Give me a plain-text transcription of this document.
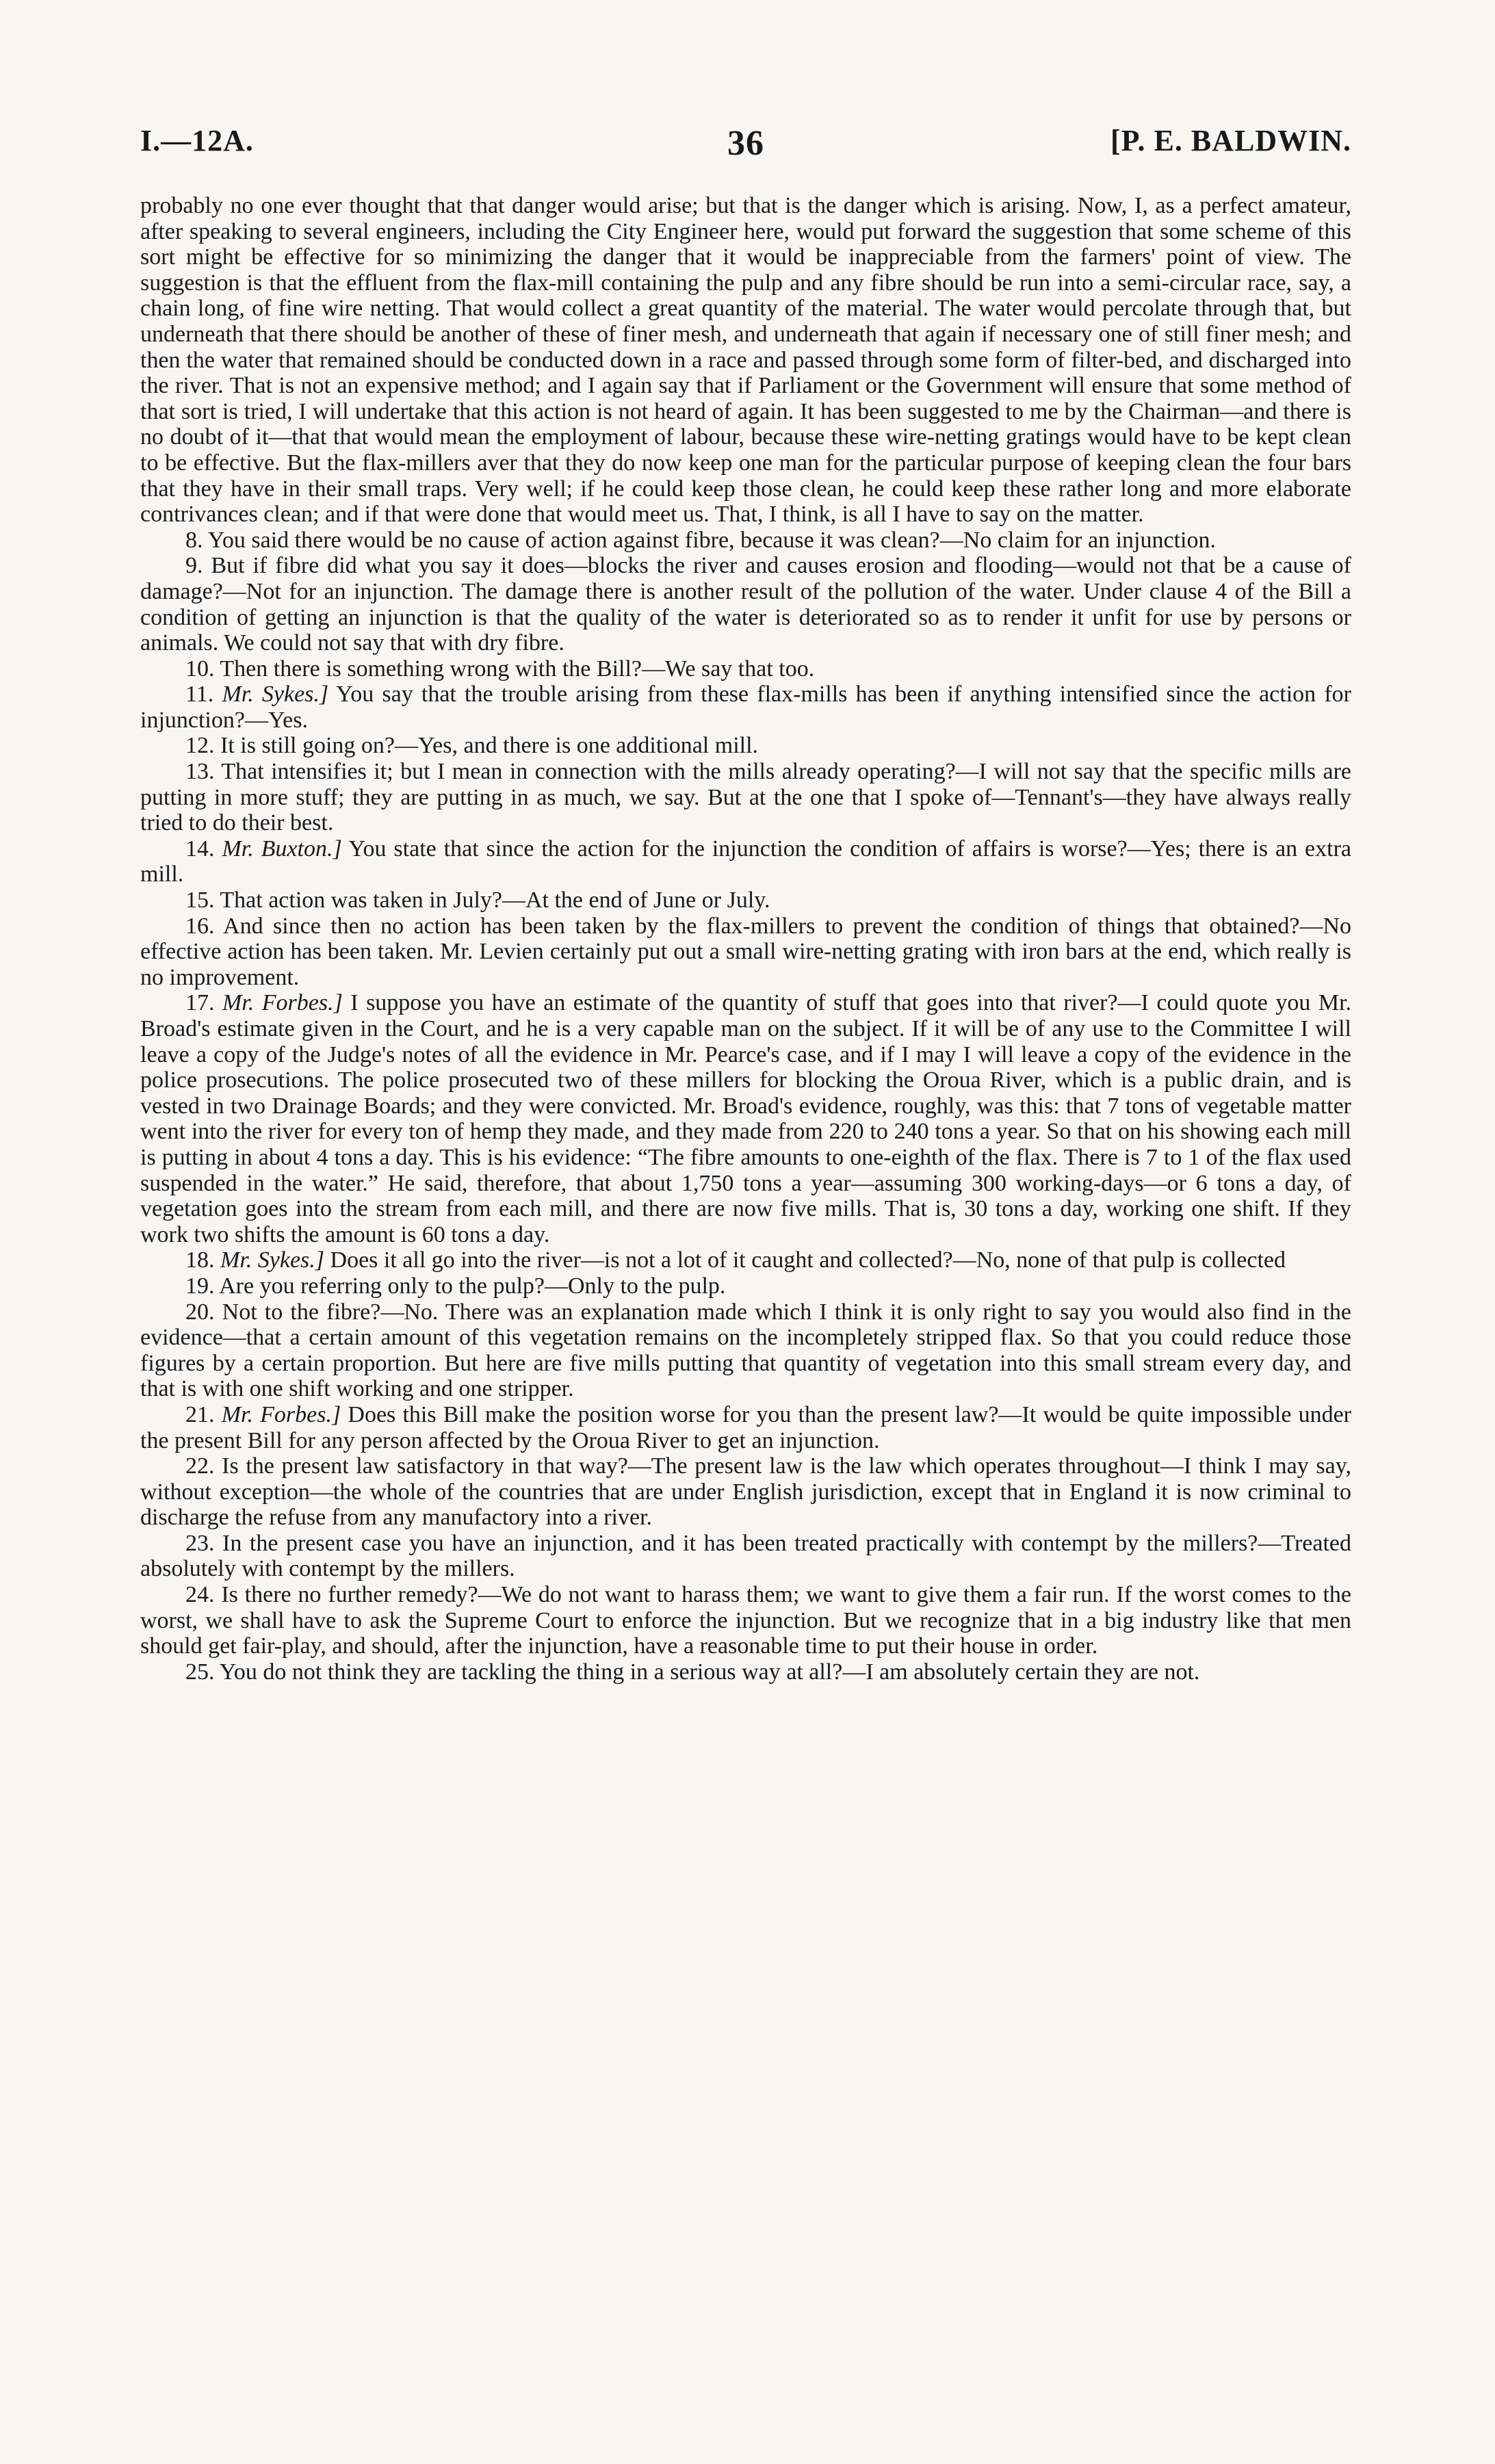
I.—12A.	36	[P. E. BALDWIN.

probably no one ever thought that that danger would arise; but that is the danger which is arising. Now, I, as a perfect amateur, after speaking to several engineers, including the City Engineer here, would put forward the suggestion that some scheme of this sort might be effective for so minimizing the danger that it would be inappreciable from the farmers' point of view. The suggestion is that the effluent from the flax-mill containing the pulp and any fibre should be run into a semi-circular race, say, a chain long, of fine wire netting. That would collect a great quantity of the material. The water would percolate through that, but underneath that there should be another of these of finer mesh, and underneath that again if necessary one of still finer mesh; and then the water that remained should be conducted down in a race and passed through some form of filter-bed, and discharged into the river. That is not an expensive method; and I again say that if Parliament or the Government will ensure that some method of that sort is tried, I will undertake that this action is not heard of again. It has been suggested to me by the Chairman—and there is no doubt of it—that that would mean the employment of labour, because these wire-netting gratings would have to be kept clean to be effective. But the flax-millers aver that they do now keep one man for the particular purpose of keeping clean the four bars that they have in their small traps. Very well; if he could keep those clean, he could keep these rather long and more elaborate contrivances clean; and if that were done that would meet us. That, I think, is all I have to say on the matter.

8. You said there would be no cause of action against fibre, because it was clean?—No claim for an injunction.

9. But if fibre did what you say it does—blocks the river and causes erosion and flooding—would not that be a cause of damage?—Not for an injunction. The damage there is another result of the pollution of the water. Under clause 4 of the Bill a condition of getting an injunction is that the quality of the water is deteriorated so as to render it unfit for use by persons or animals. We could not say that with dry fibre.

10. Then there is something wrong with the Bill?—We say that too.

11. Mr. Sykes.] You say that the trouble arising from these flax-mills has been if anything intensified since the action for injunction?—Yes.

12. It is still going on?—Yes, and there is one additional mill.

13. That intensifies it; but I mean in connection with the mills already operating?—I will not say that the specific mills are putting in more stuff; they are putting in as much, we say. But at the one that I spoke of—Tennant's—they have always really tried to do their best.

14. Mr. Buxton.] You state that since the action for the injunction the condition of affairs is worse?—Yes; there is an extra mill.

15. That action was taken in July?—At the end of June or July.

16. And since then no action has been taken by the flax-millers to prevent the condition of things that obtained?—No effective action has been taken. Mr. Levien certainly put out a small wire-netting grating with iron bars at the end, which really is no improvement.

17. Mr. Forbes.] I suppose you have an estimate of the quantity of stuff that goes into that river?—I could quote you Mr. Broad's estimate given in the Court, and he is a very capable man on the subject. If it will be of any use to the Committee I will leave a copy of the Judge's notes of all the evidence in Mr. Pearce's case, and if I may I will leave a copy of the evidence in the police prosecutions. The police prosecuted two of these millers for blocking the Oroua River, which is a public drain, and is vested in two Drainage Boards; and they were convicted. Mr. Broad's evidence, roughly, was this: that 7 tons of vegetable matter went into the river for every ton of hemp they made, and they made from 220 to 240 tons a year. So that on his showing each mill is putting in about 4 tons a day. This is his evidence: “The fibre amounts to one-eighth of the flax. There is 7 to 1 of the flax used suspended in the water.” He said, therefore, that about 1,750 tons a year—assuming 300 working-days—or 6 tons a day, of vegetation goes into the stream from each mill, and there are now five mills. That is, 30 tons a day, working one shift. If they work two shifts the amount is 60 tons a day.

18. Mr. Sykes.] Does it all go into the river—is not a lot of it caught and collected?—No, none of that pulp is collected

19. Are you referring only to the pulp?—Only to the pulp.

20. Not to the fibre?—No. There was an explanation made which I think it is only right to say you would also find in the evidence—that a certain amount of this vegetation remains on the incompletely stripped flax. So that you could reduce those figures by a certain proportion. But here are five mills putting that quantity of vegetation into this small stream every day, and that is with one shift working and one stripper.

21. Mr. Forbes.] Does this Bill make the position worse for you than the present law?—It would be quite impossible under the present Bill for any person affected by the Oroua River to get an injunction.

22. Is the present law satisfactory in that way?—The present law is the law which operates throughout—I think I may say, without exception—the whole of the countries that are under English jurisdiction, except that in England it is now criminal to discharge the refuse from any manufactory into a river.

23. In the present case you have an injunction, and it has been treated practically with contempt by the millers?—Treated absolutely with contempt by the millers.

24. Is there no further remedy?—We do not want to harass them; we want to give them a fair run. If the worst comes to the worst, we shall have to ask the Supreme Court to enforce the injunction. But we recognize that in a big industry like that men should get fair-play, and should, after the injunction, have a reasonable time to put their house in order.

25. You do not think they are tackling the thing in a serious way at all?—I am absolutely certain they are not.
